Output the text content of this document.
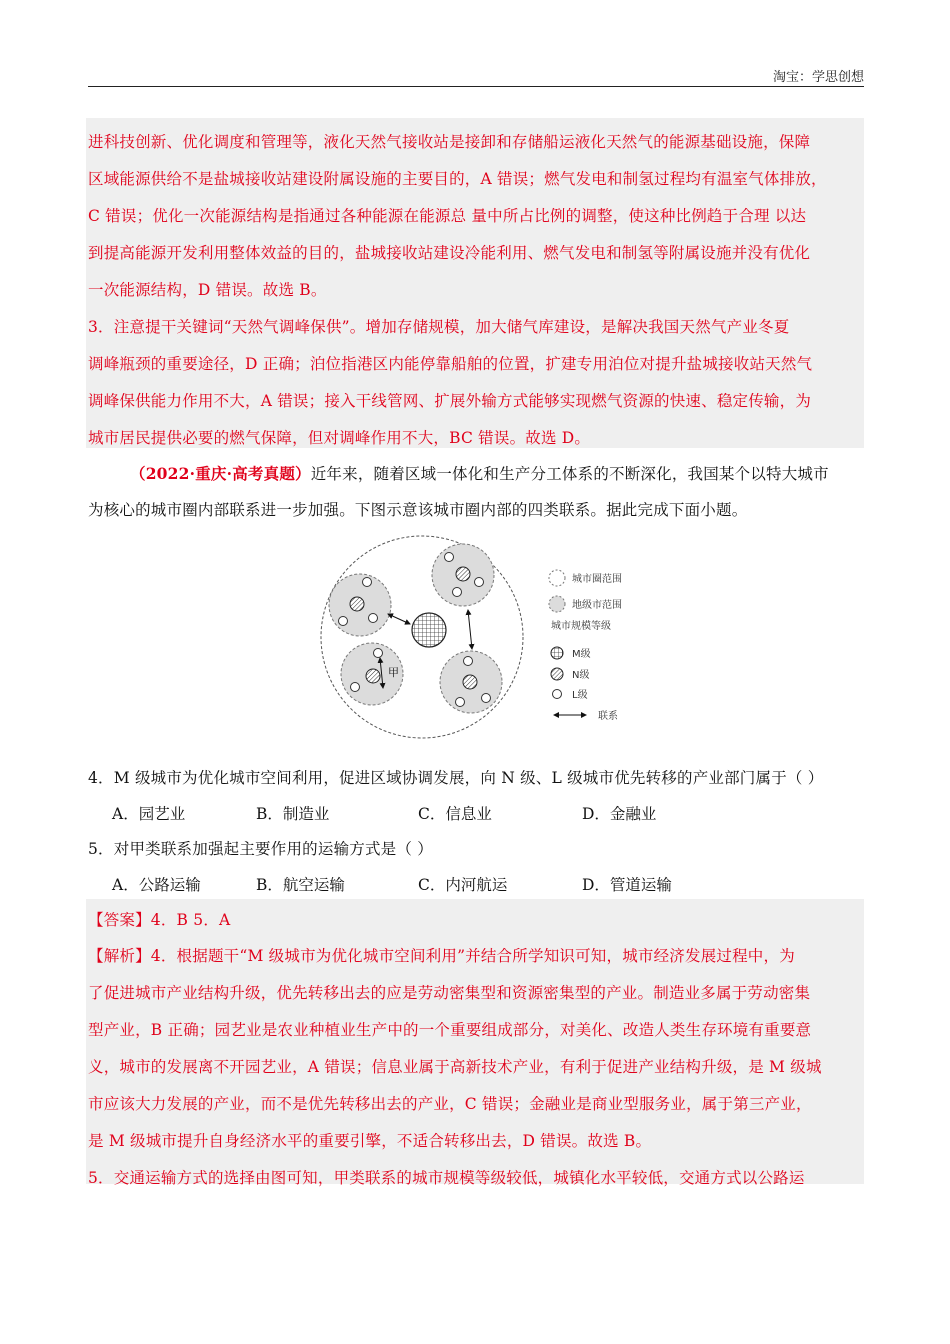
淘宝：学思创想
进科技创新、优化调度和管理等，液化天然气接收站是接卸和存储船运液化天然气的能源基础设施，保障
区域能源供给不是盐城接收站建设附属设施的主要目的，A 错误；燃气发电和制氢过程均有温室气体排放，
C 错误；优化一次能源结构是指通过各种能源在能源总 量中所占比例的调整，使这种比例趋于合理 以达
到提高能源开发利用整体效益的目的，盐城接收站建设冷能利用、燃气发电和制氢等附属设施并没有优化
一次能源结构，D 错误。故选 B。
3．注意提干关键词“天然气调峰保供”。增加存储规模，加大储气库建设，是解决我国天然气产业冬夏
调峰瓶颈的重要途径，D 正确；泊位指港区内能停靠船舶的位置，扩建专用泊位对提升盐城接收站天然气
调峰保供能力作用不大，A 错误；接入干线管网、扩展外输方式能够实现燃气资源的快速、稳定传输，为
城市居民提供必要的燃气保障，但对调峰作用不大，BC 错误。故选 D。
（2022·重庆·高考真题）近年来，随着区域一体化和生产分工体系的不断深化，我国某个以特大城市
为核心的城市圈内部联系进一步加强。下图示意该城市圈内部的四类联系。据此完成下面小题。
甲
城市圈范围
地级市范围
城市规模等级
M级
N级
L级
联系
4．M 级城市为优化城市空间利用，促进区域协调发展，向 N 级、L 级城市优先转移的产业部门属于（ ）
A．园艺业	B．制造业	C．信息业	D．金融业
5．对甲类联系加强起主要作用的运输方式是（ ）
A．公路运输	B．航空运输	C．内河航运	D．管道运输
【答案】4．B 5．A
【解析】4．根据题干“M 级城市为优化城市空间利用”并结合所学知识可知，城市经济发展过程中，为
了促进城市产业结构升级，优先转移出去的应是劳动密集型和资源密集型的产业。制造业多属于劳动密集
型产业，B 正确；园艺业是农业种植业生产中的一个重要组成部分，对美化、改造人类生存环境有重要意
义，城市的发展离不开园艺业，A 错误；信息业属于高新技术产业，有利于促进产业结构升级，是 M 级城
市应该大力发展的产业，而不是优先转移出去的产业，C 错误；金融业是商业型服务业，属于第三产业，
是 M 级城市提升自身经济水平的重要引擎，不适合转移出去，D 错误。故选 B。
5．交通运输方式的选择由图可知，甲类联系的城市规模等级较低，城镇化水平较低，交通方式以公路运
